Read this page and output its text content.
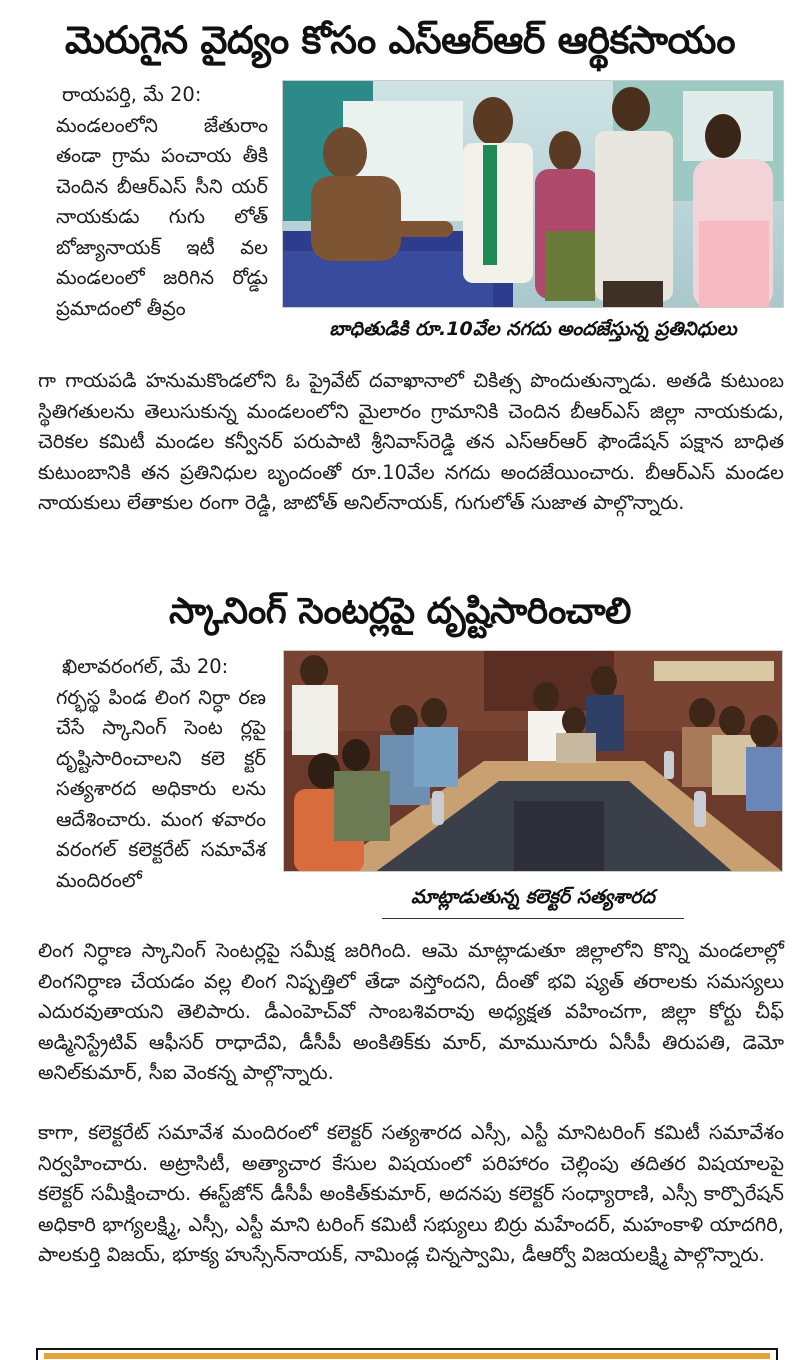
మెరుగైన వైద్యం కోసం ఎస్ఆర్ఆర్ ఆర్థికసాయం
రాయపర్తి, మే 20:
మండలంలోని జేతురాం తండా గ్రామ పంచాయ తీకి చెందిన బీఆర్ఎస్ సీని యర్ నాయకుడు గుగు లోత్ బోజ్యానాయక్ ఇటీ వల మండలంలో జరిగిన రోడ్డు ప్రమాదంలో తీవ్రం
బాధితుడికి రూ.10వేల నగదు అందజేస్తున్న ప్రతినిధులు

గా గాయపడి హనుమకొండలోని ఓ ప్రైవేట్ దవాఖానాలో చికిత్స పొందుతున్నాడు. అతడి కుటుంబ స్థితిగతులను తెలుసుకున్న మండలంలోని మైలారం గ్రామానికి చెందిన బీఆర్ఎస్ జిల్లా నాయకుడు, చెరికల కమిటీ మండల కన్వీనర్ పరుపాటి శ్రీనివాస్‌రెడ్డి తన ఎస్ఆర్ఆర్ ఫౌండేషన్ పక్షాన బాధిత కుటుంబానికి తన ప్రతినిధుల బృందంతో రూ.10వేల నగదు అందజేయించారు. బీఆర్ఎస్ మండల నాయకులు లేతాకుల రంగా రెడ్డి, జాటోత్ అనిల్‌నాయక్, గుగులోత్ సుజాత పాల్గొన్నారు.

స్కానింగ్ సెంటర్లపై దృష్టిసారించాలి
ఖిలావరంగల్, మే 20:
గర్భస్థ పిండ లింగ నిర్ధా రణ చేసే స్కానింగ్ సెంట ర్లపై దృష్టిసారించాలని కలె క్టర్ సత్యశారద అధికారు లను ఆదేశించారు. మంగ ళవారం వరంగల్ కలెక్టరేట్ సమావేశ మందిరంలో
మాట్లాడుతున్న కలెక్టర్ సత్యశారద

లింగ నిర్ధాణ స్కానింగ్ సెంటర్లపై సమీక్ష జరిగింది. ఆమె మాట్లాడుతూ జిల్లాలోని కొన్ని మండలాల్లో లింగనిర్ధాణ చేయడం వల్ల లింగ నిష్పత్తిలో తేడా వస్తోందని, దీంతో భవి ష్యత్ తరాలకు సమస్యలు ఎదురవుతాయని తెలిపారు. డీఎంహెచ్‌వో సాంబశివరావు అధ్యక్షత వహించగా, జిల్లా కోర్టు చీఫ్ అడ్మినిస్ట్రేటివ్ ఆఫీసర్ రాధాదేవి, డీసీపీ అంకితిక్‌కు మార్, మామునూరు ఏసీపీ తిరుపతి, డెమో అనిల్‌కుమార్, సీఐ వెంకన్న పాల్గొన్నారు.

కాగా, కలెక్టరేట్ సమావేశ మందిరంలో కలెక్టర్ సత్యశారద ఎస్సీ, ఎస్టీ మానిటరింగ్ కమిటీ సమావేశం నిర్వహించారు. అట్రాసిటీ, అత్యాచార కేసుల విషయంలో పరిహారం చెల్లింపు తదితర విషయాలపై కలెక్టర్ సమీక్షించారు. ఈస్ట్‌జోన్ డీసీపీ అంకిత్‌కుమార్, అదనపు కలెక్టర్ సంధ్యారాణి, ఎస్సీ కార్పొరేషన్ అధికారి భాగ్యలక్ష్మి, ఎస్సీ, ఎస్టీ మాని టరింగ్ కమిటీ సభ్యులు బిర్రు మహేందర్, మహంకాళి యాదగిరి, పాలకుర్తి విజయ్, భూక్య హుస్సేన్‌నాయక్, నామిండ్ల చిన్నస్వామి, డీఆర్వో విజయలక్ష్మి పాల్గొన్నారు.
